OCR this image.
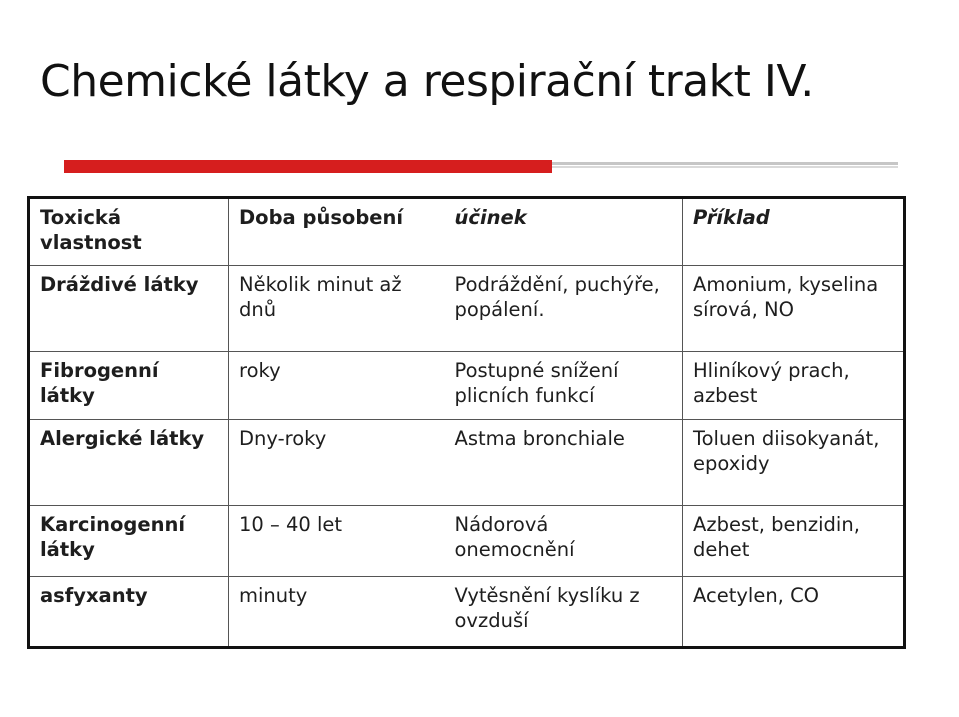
Chemické látky a respirační trakt IV.
Toxická vlastnost	Doba působení	účinek	Příklad
Dráždivé látky	Několik minut až dnů	Podráždění, puchýře, popálení.	Amonium, kyselina sírová, NO
Fibrogenní látky	roky	Postupné snížení plicních funkcí	Hliníkový prach, azbest
Alergické látky	Dny-roky	Astma bronchiale	Toluen diisokyanát, epoxidy
Karcinogenní látky	10 – 40 let	Nádorová onemocnění	Azbest, benzidin, dehet
asfyxanty	minuty	Vytěsnění kyslíku z ovzduší	Acetylen, CO
